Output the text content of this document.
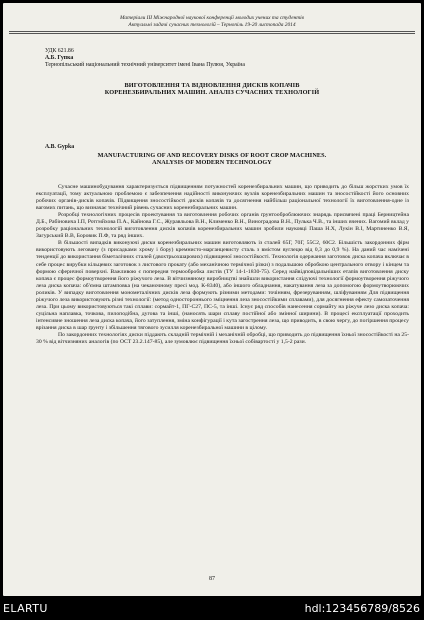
Матеріали ІІІ Міжнародної наукової конференції молодих учених та студентів
Актуальні задачі сучасних технологій – Тернопіль 19-20 листопада 2014
УДК 621.86
А.Б. Гупка
Тернопільський національний технічний університет імені Івана Пулюя, Україна
ВИГОТОВЛЕННЯ ТА ВІДНОВЛЕННЯ ДИСКІВ КОПАЧІВ
КОРЕНЕЗБИРАЛЬНИХ МАШИН. АНАЛІЗ СУЧАСНИХ ТЕХНОЛОГІЙ
A.B. Gypka
MANUFACTURING OF AND RECOVERY DISKS OF ROOT CROP MACHINES.
ANALYSIS OF MODERN TECHNOLOGY

Сучасне машинобудування характеризується підвищенням потужностей коренезбиральних машин, що приводить до більш жорстких умов їх експлуатації, тому актуальною проблемою є забезпечення надійності виконуючих вузлів коренезбиральних машин та зносостійкості його основних робочих органів-дисків копачів. Підвищення зносостійкості дисків копачів та досягнення найбільш раціональної технології їх виготовлення-одне із вагомих питань, що визначає технічний рівень сучасних коренезбиральних машин.

Розробці технологічних процесів проектування та виготовлення робочих органів ґрунтооброблюючих знарядь присвячені праці Берництейна Д.Б., Рабіновича І.П, Ротгмйхова П.А., Кайнова Г.С., Журавльова В.Н., Клименко В.Н., Виноградова В.Н., Пулька Ч.В., та інших вчених. Вагомий вклад у розробку раціональних технологій виготовлення дисків копачів коренезбиральних машин зробили науковці Паша Н.Х, Лукін В.І, Мартиненко В.Я, Загурський В.В, Боровик П.Ф, та ряд інших.

В більшості випадків виконуючі диски коренезбиральних машин виготовляють із сталей 65Г, 70Г, 55С2, 60С2. Більшість закордонних фірм використовують леговану (з присадками хрому і бору) кремнисто-марганцевисту сталь з вмістом вуглецю від 0,3 до 0,9 %). На даний час намічені тенденції до використання біметалічних сталей (двохтрьохшарових) підвищеної зносостійкості. Технологія одержання заготовок диска копача включає в себе процес вирубки кільцевих заготовок з листового прокату (або механічною термічної різки) з подальшою обробкою центрального отвору і кінцем та формою сферичної поверхні. Важливою є попередня термообробка листів (ТУ 14-1-1830-75). Серед найвідповідальніших етапів виготовлення диску копача є процес формоутворення його ріжучого леза. В вітчизняному виробництві знайшли використання слідуючі технології формоутворення ріжучого леза диска копача: об'ємна штамповка (на чеканочному пресі мод. К-8340), або іншого обладнання, накатування леза за допомогою формоутворюючих роликів. У випадку виготовлення монометалічних дисків леза формують різними методами: точінням, фрезеруванням, шліфуванням Для підвищення ріжучого леза використовують різні технології: (метод одностороннього зміцнення леза зносостійкими сплавами), для досягнення ефекту самозаточення леза. При цьому використовуються такі сплави: сормайт-1, ПГ-С27, ПС-5, та інші. Існує ряд способів нанесення сормайту на ріжуче лезо диска копача: суцільна наплавка, точкова, пилоподібна, дугова та інші, (наносять шари сплаву постійної або змінної ширини). В процесі експлуатації проходить інтенсивне зношення леза диска копача, його затуплення, зміна конфігурації і кута загострення леза, що приводить, в свою чергу, до погіршення процесу врізання диска в шар ґрунту і збільшення тягового зусилля коренезбиральної машини в цілому.

По закордонних технологіях диски піддають складній термічній і механічній обробці, що приводить до підвищення їхньої зносостійкості на 25-30 % від вітчизняних аналогів (по ОСТ 23.2.147-85), але зумовлює підвищення їхньої собівартості у 1,5-2 рази.

87
ELARTU	hdl:123456789/8526
